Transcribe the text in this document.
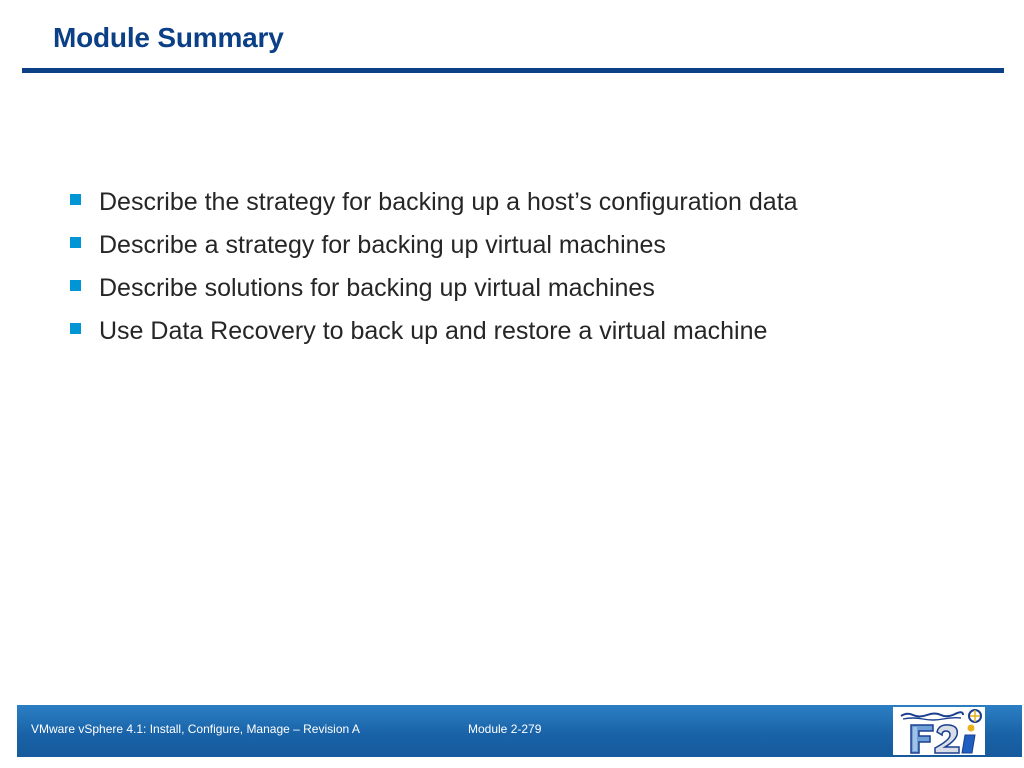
Module Summary
Describe the strategy for backing up a host’s configuration data
Describe a strategy for backing up virtual machines
Describe solutions for backing up virtual machines
Use Data Recovery to back up and restore a virtual machine
VMware vSphere 4.1: Install, Configure, Manage – Revision A	Module 2-279
